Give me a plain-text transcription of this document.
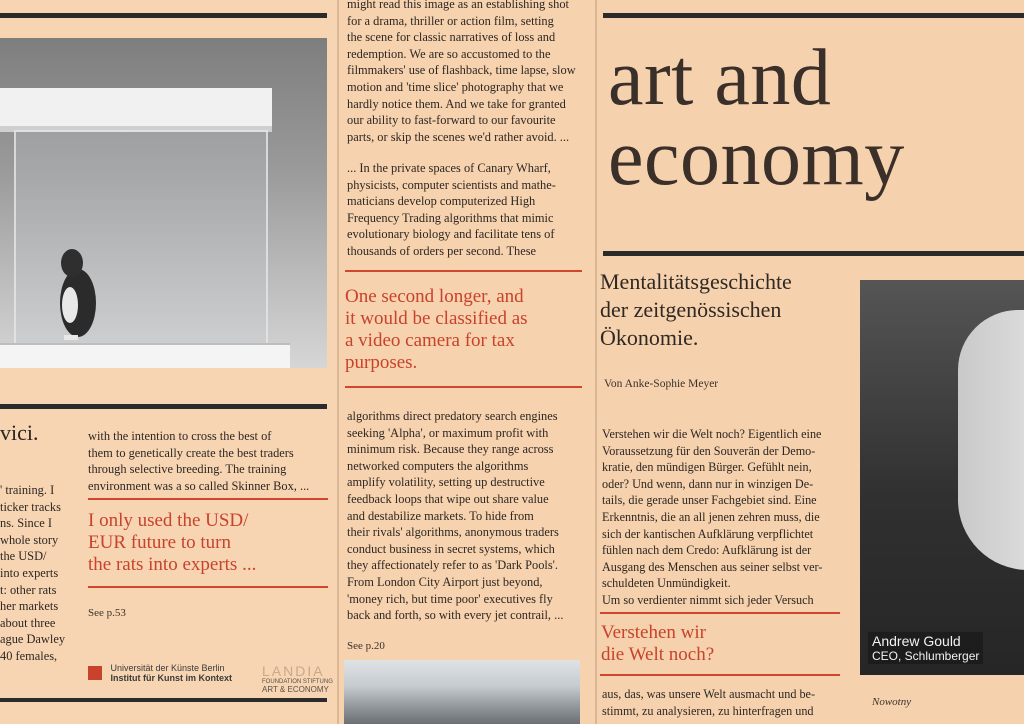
vici.
' training. I
ticker tracks
ns. Since I
whole story
the USD/
into experts
t: other rats
her markets
about three
ague Dawley
40 females,

with the intention to cross the best of

them to genetically create the best traders

through selective breeding. The training

environment was a so called Skinner Box, ...

I only used the USD/
EUR future to turn
the rats into experts ...
See p.53

Universität der Künste Berlin
Institut für Kunst im Kontext LANDIA
FOUNDATION STIFTUNG
ART & ECONOMY

might read this image as an establishing shot

for a drama, thriller or action film, setting

the scene for classic narratives of loss and

redemption. We are so accustomed to the

filmmakers' use of flashback, time lapse, slow

motion and 'time slice' photography that we

hardly notice them. And we take for granted

our ability to fast-forward to our favourite

parts, or skip the scenes we'd rather avoid. ...

... In the private spaces of Canary Wharf,

physicists, computer scientists and mathe-

maticians develop computerized High

Frequency Trading algorithms that mimic

evolutionary biology and facilitate tens of

thousands of orders per second. These

One second longer, and
it would be classified as
a video camera for tax
purposes.

algorithms direct predatory search engines

seeking 'Alpha', or maximum profit with

minimum risk. Because they range across

networked computers the algorithms

amplify volatility, setting up destructive

feedback loops that wipe out share value

and destabilize markets. To hide from

their rivals' algorithms, anonymous traders

conduct business in secret systems, which

they affectionately refer to as 'Dark Pools'.

From London City Airport just beyond,

'money rich, but time poor' executives fly

back and forth, so with every jet contrail, ...

See p.20
art and
economy
Mentalitätsgeschichte
der zeitgenössischen
Ökonomie.
Von Anke-Sophie Meyer

Verstehen wir die Welt noch? Eigentlich eine

Voraussetzung für den Souverän der Demo-

kratie, den mündigen Bürger. Gefühlt nein,

oder? Und wenn, dann nur in winzigen De-

tails, die gerade unser Fachgebiet sind. Eine

Erkenntnis, die an all jenen zehren muss, die

sich der kantischen Aufklärung verpflichtet

fühlen nach dem Credo: Aufklärung ist der

Ausgang des Menschen aus seiner selbst ver-

schuldeten Unmündigkeit.

Um so verdienter nimmt sich jeder Versuch

Verstehen wir
die Welt noch?

aus, das, was unsere Welt ausmacht und be-

stimmt, zu analysieren, zu hinterfragen und

Andrew Gould
CEO, Schlumberger
Nowotny
